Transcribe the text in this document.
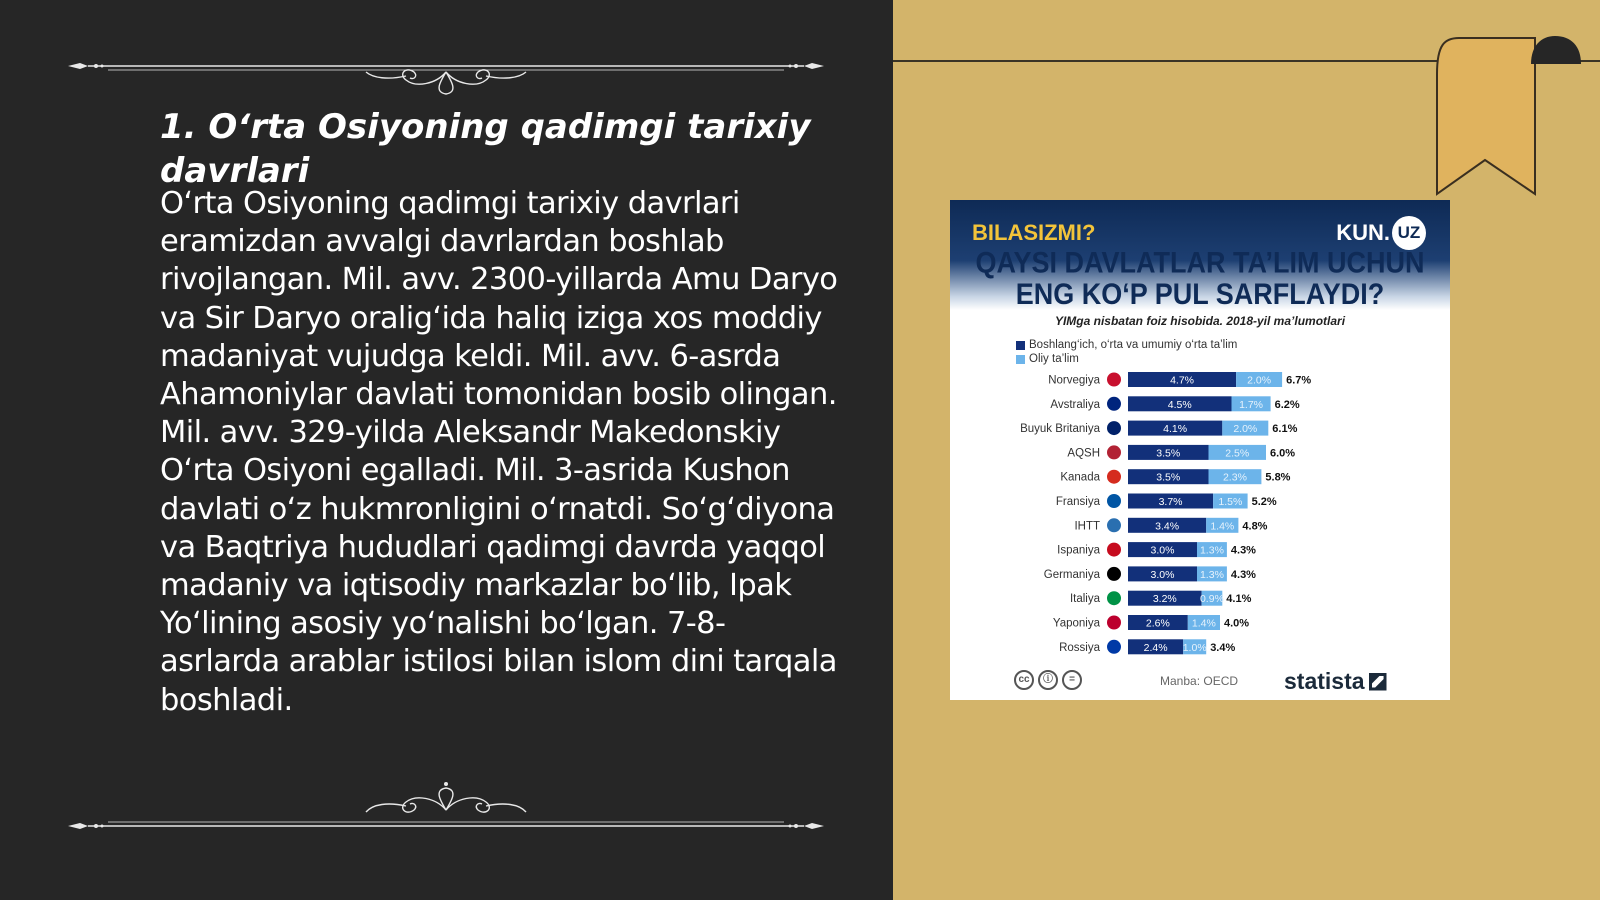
1. O‘rta Osiyoning qadimgi tarixiy davrlari
O‘rta Osiyoning qadimgi tarixiy davrlari eramizdan avvalgi davrlardan boshlab rivojlangan. Mil. avv. 2300-yillarda Amu Daryo va Sir Daryo oralig‘ida haliq iziga xos moddiy madaniyat vujudga keldi. Mil. avv. 6-asrda Ahamoniylar davlati tomonidan bosib olingan. Mil. avv. 329-yilda Aleksandr Makedonskiy O‘rta Osiyoni egalladi. Mil. 3-asrida Kushon davlati o‘z hukmronligini o‘rnatdi. So‘g‘diyona va Baqtriya hududlari qadimgi davrda yaqqol madaniy va iqtisodiy markazlar bo‘lib, Ipak Yo‘lining asosiy yo‘nalishi bo‘lgan. 7-8-asrlarda arablar istilosi bilan islom dini tarqala boshladi.
BILASIZMI?	KUN. UZ
QAYSI DAVLATLAR TA’LIM UCHUN
ENG KO‘P PUL SARFLAYDI?
YIMga nisbatan foiz hisobida. 2018-yil ma’lumotlari
Boshlang‘ich, o‘rta va umumiy o‘rta ta’lim
Oliy ta’lim
Norvegiya	4.7%	2.0% 6.7%
Avstraliya	4.5%	1.7% 6.2%
Buyuk Britaniya	4.1%	2.0% 6.1%
AQSH	3.5%	2.5% 6.0%
Kanada	3.5%	2.3% 5.8%
Fransiya	3.7%	1.5% 5.2%
IHTT	3.4%	1.4% 4.8%
Ispaniya	3.0% 1.3% 4.3%
Germaniya	3.0% 1.3% 4.3%
Italiya	3.2% 0.9% 4.1%
Yaponiya	2.6% 1.4% 4.0%
Rossiya	2.4% 1.0% 3.4%
cc	ⓘ	=	Manba: OECD statista
